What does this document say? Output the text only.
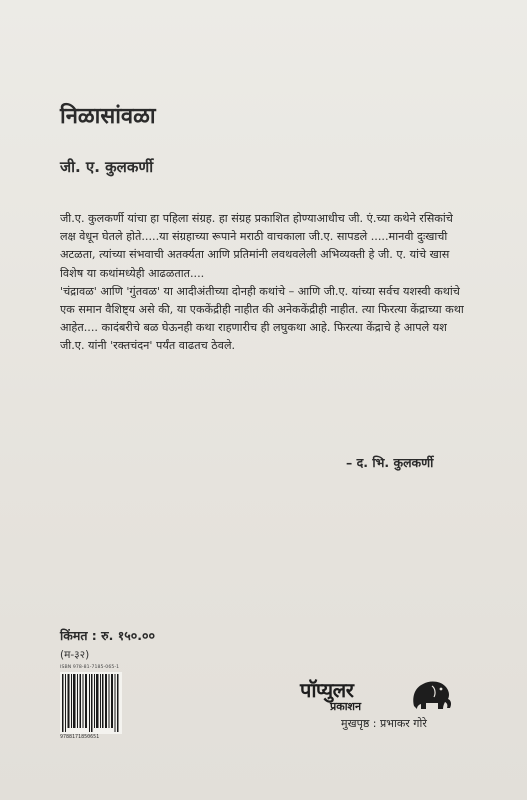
निळासांवळा
जी. ए. कुलकर्णी

जी.ए. कुलकर्णी यांचा हा पहिला संग्रह. हा संग्रह प्रकाशित होण्याआधीच जी. एं.च्या कथेने रसिकांचे लक्ष वेधून घेतले होते.....या संग्रहाच्या रूपाने मराठी वाचकाला जी.ए. सापडले .....मानवी दुःखाची अटळता, त्यांच्या संभवाची अतर्क्यता आणि प्रतिमांनी लवथवलेली अभिव्यक्ती हे जी. ए. यांचे खास विशेष या कथांमध्येही आढळतात....

'चंद्रावळ' आणि 'गुंतवळ' या आदीअंतीच्या दोनही कथांचे – आणि जी.ए. यांच्या सर्वच यशस्वी कथांचे एक समान वैशिष्ट्य असे की, या एककेंद्रीही नाहीत की अनेककेंद्रीही नाहीत. त्या फिरत्या केंद्राच्या कथा आहेत.... कादंबरीचे बळ घेऊनही कथा राहणारीच ही लघुकथा आहे. फिरत्या केंद्राचे हे आपले यश जी.ए. यांनी 'रक्तचंदन' पर्यंत वाढतच ठेवले.

– द. भि. कुलकर्णी
किंमत : रु. १५०.००
(म-३२)
ISBN 978-81-7185-065-1
9788171850651
पॉप्युलर
प्रकाशन
मुखपृष्ठ : प्रभाकर गोरे
